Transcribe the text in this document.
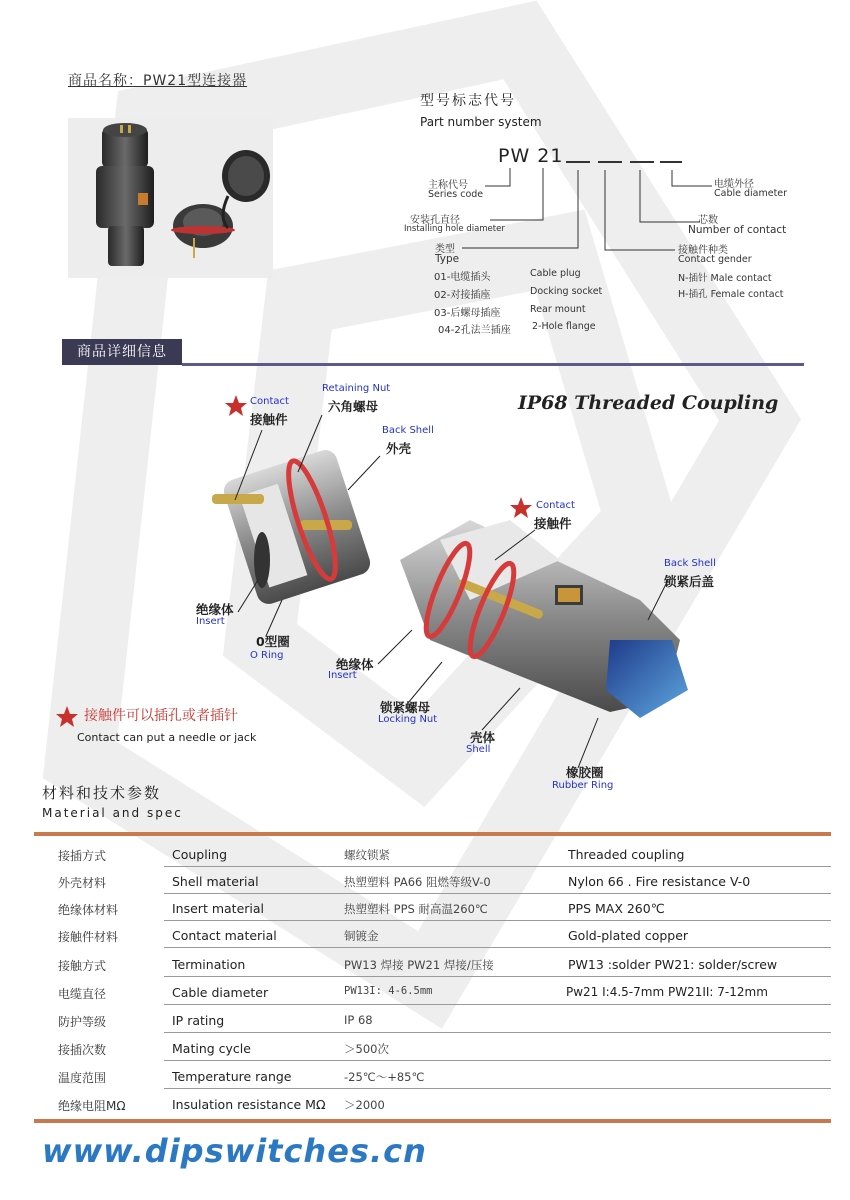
商品名称：PW21型连接器
型号标志代号
Part number system
PW 21
主称代号
Series code
安装孔直径
Installing hole diameter
类型
Type
01-电缆插头	Cable plug
02-对接插座	Docking socket
03-后螺母插座	Rear mount
04-2孔法兰插座 2-Hole flange
电缆外径
Cable diameter
芯数
Number of contact
接触件种类
Contact gender
N-插针 Male contact
H-插孔 Female contact
商品详细信息
IP68 Threaded Coupling
Contact
接触件
Retaining Nut
六角螺母
Back Shell
外壳
绝缘体
Insert
0型圈
O Ring
Contact
接触件
Back Shell
锁紧后盖
绝缘体
Insert
锁紧螺母
Locking Nut
壳体
Shell
橡胶圈
Rubber Ring
接触件可以插孔或者插针
Contact can put a needle or jack
材料和技术参数
Material and spec
接插方式	Coupling	螺纹锁紧	Threaded coupling
外壳材料	Shell material	热塑塑料 PA66 阻燃等级V-0	Nylon 66 . Fire resistance V-0
绝缘体材料	Insert material	热塑塑料 PPS 耐高温260℃	PPS MAX 260℃
接触件材料	Contact material	铜镀金	Gold-plated copper
接触方式	Termination	PW13 焊接 PW21 焊接/压接	PW13 :solder PW21: solder/screw
电缆直径	Cable diameter	PW13I: 4-6.5mm	Pw21 I:4.5-7mm PW21II: 7-12mm
防护等级	IP rating	IP 68
接插次数	Mating cycle	＞500次
温度范围	Temperature range	-25℃～+85℃
绝缘电阻MΩ	Insulation resistance MΩ ＞2000
www.dipswitches.cn
